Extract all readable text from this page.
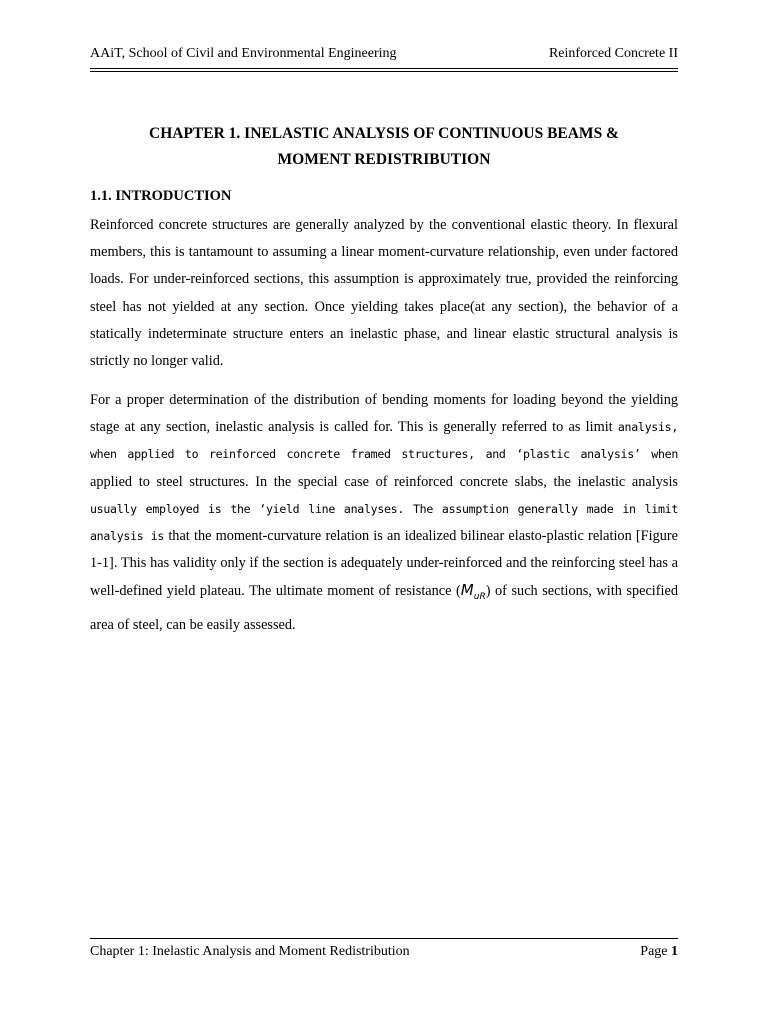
AAiT, School of Civil and Environmental Engineering	Reinforced Concrete II
CHAPTER 1. INELASTIC ANALYSIS OF CONTINUOUS BEAMS &
MOMENT REDISTRIBUTION
1.1. INTRODUCTION

Reinforced concrete structures are generally analyzed by the conventional elastic theory. In flexural members, this is tantamount to assuming a linear moment-curvature relationship, even under factored loads. For under-reinforced sections, this assumption is approximately true, provided the reinforcing steel has not yielded at any section. Once yielding takes place(at any section), the behavior of a statically indeterminate structure enters an inelastic phase, and linear elastic structural analysis is strictly no longer valid.

For a proper determination of the distribution of bending moments for loading beyond the yielding stage at any section, inelastic analysis is called for. This is generally referred to as limit analysis, when applied to reinforced concrete framed structures, and ‘plastic analysis’ when applied to steel structures. In the special case of reinforced concrete slabs, the inelastic analysis usually employed is the ‘yield line analyses. The assumption generally made in limit analysis is that the moment-curvature relation is an idealized bilinear elasto-plastic relation [Figure 1-1]. This has validity only if the section is adequately under-reinforced and the reinforcing steel has a well-defined yield plateau. The ultimate moment of resistance $(M_{uR})$ of such sections, with specified area of steel, can be easily assessed.

Chapter 1: Inelastic Analysis and Moment Redistribution	Page 1
